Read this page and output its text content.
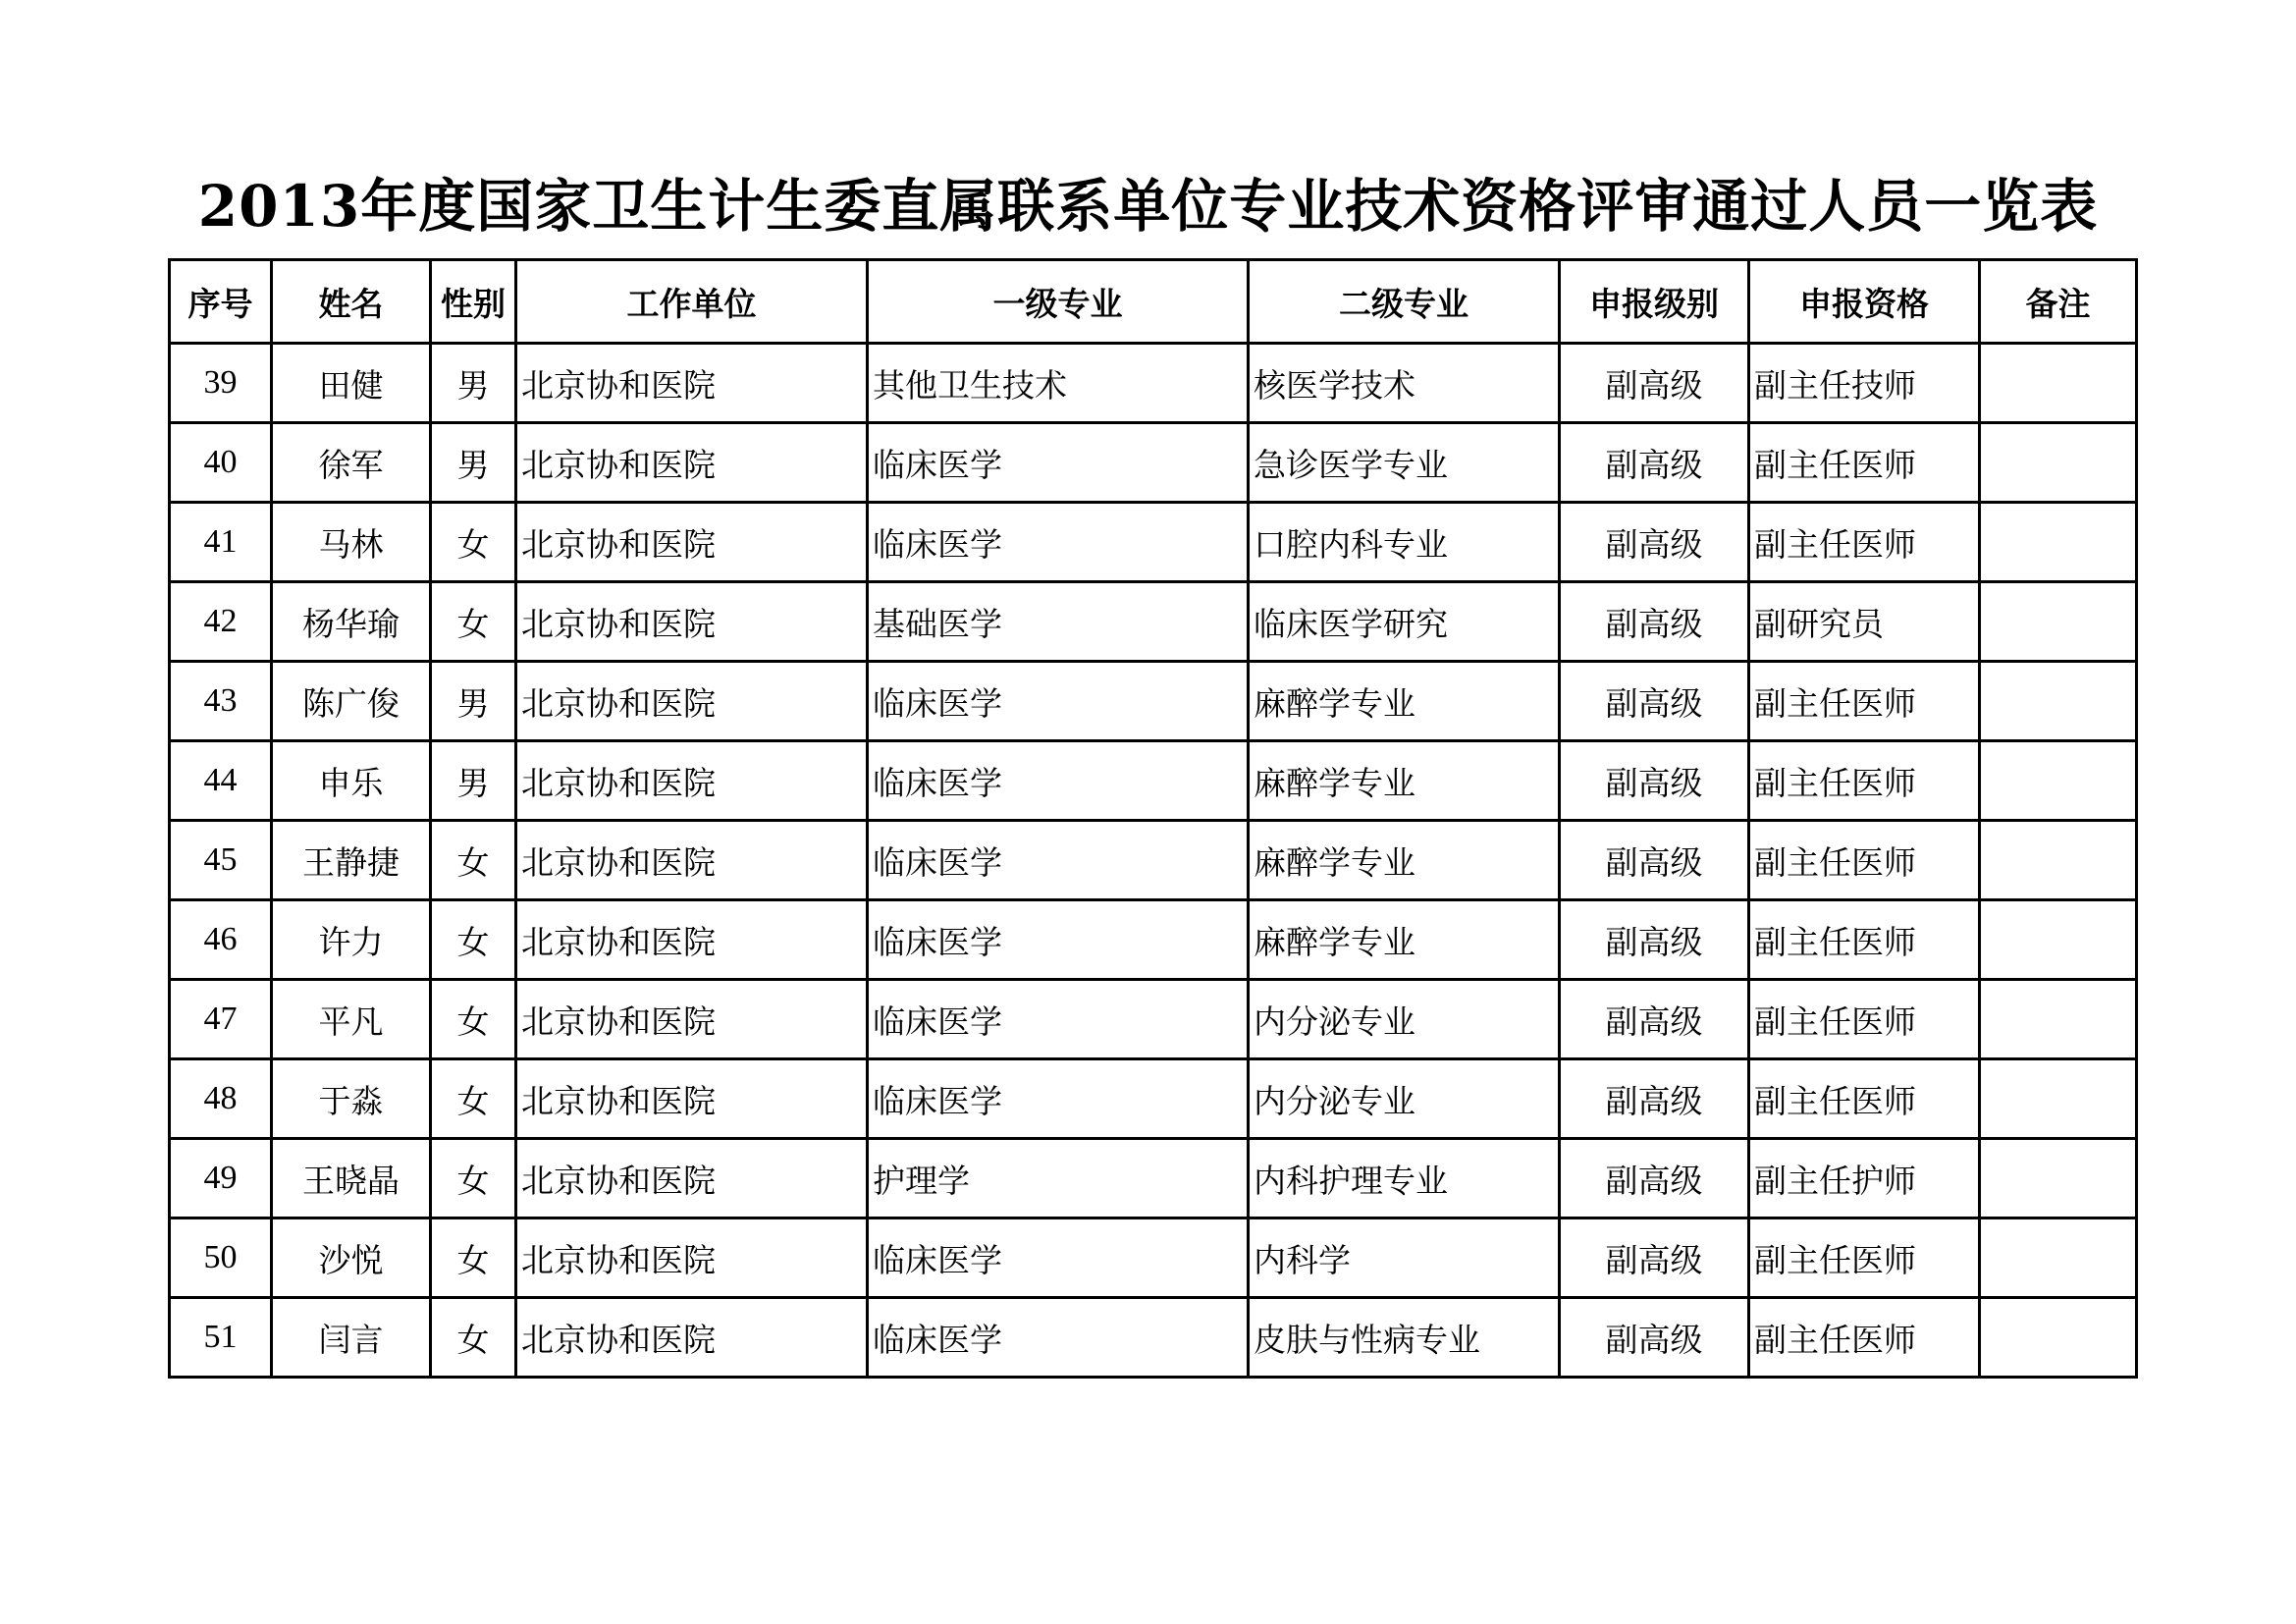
2013年度国家卫生计生委直属联系单位专业技术资格评审通过人员一览表
序号	姓名	性别	工作单位	一级专业	二级专业	申报级别	申报资格	备注
39	田健	男	北京协和医院	其他卫生技术	核医学技术	副高级	副主任技师	
40	徐军	男	北京协和医院	临床医学	急诊医学专业	副高级	副主任医师	
41	马林	女	北京协和医院	临床医学	口腔内科专业	副高级	副主任医师	
42	杨华瑜	女	北京协和医院	基础医学	临床医学研究	副高级	副研究员	
43	陈广俊	男	北京协和医院	临床医学	麻醉学专业	副高级	副主任医师	
44	申乐	男	北京协和医院	临床医学	麻醉学专业	副高级	副主任医师	
45	王静捷	女	北京协和医院	临床医学	麻醉学专业	副高级	副主任医师	
46	许力	女	北京协和医院	临床医学	麻醉学专业	副高级	副主任医师	
47	平凡	女	北京协和医院	临床医学	内分泌专业	副高级	副主任医师	
48	于淼	女	北京协和医院	临床医学	内分泌专业	副高级	副主任医师	
49	王晓晶	女	北京协和医院	护理学	内科护理专业	副高级	副主任护师	
50	沙悦	女	北京协和医院	临床医学	内科学	副高级	副主任医师	
51	闫言	女	北京协和医院	临床医学	皮肤与性病专业	副高级	副主任医师	
